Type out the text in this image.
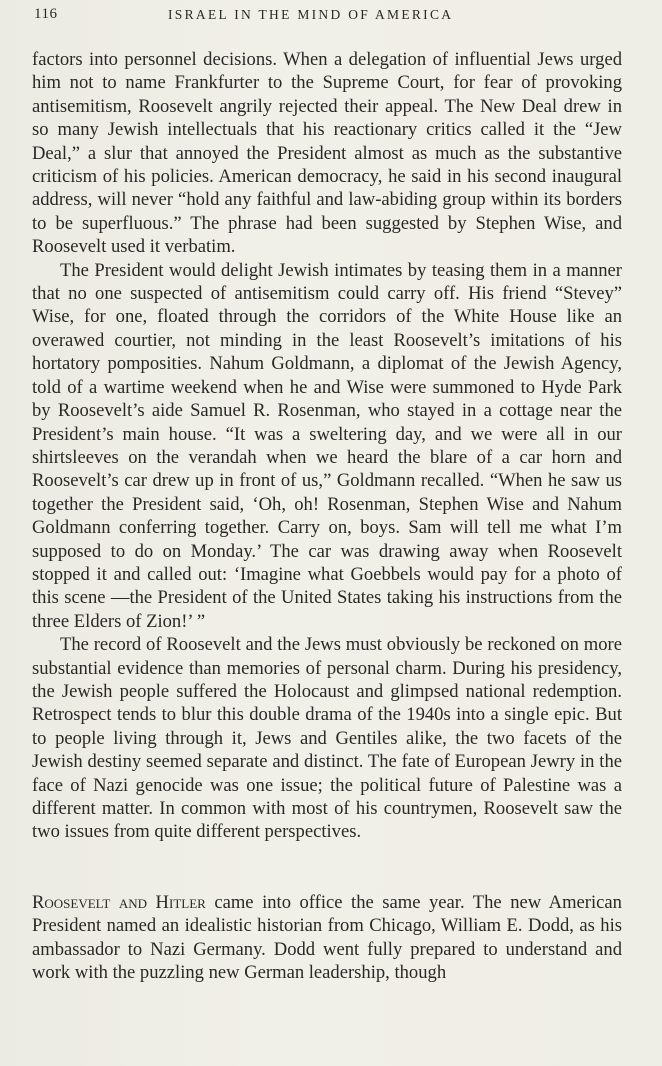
116	ISRAEL IN THE MIND OF AMERICA

factors into personnel decisions. When a delegation of influential Jews urged him not to name Frankfurter to the Supreme Court, for fear of provoking antisemitism, Roosevelt angrily rejected their appeal. The New Deal drew in so many Jewish intellectuals that his reactionary critics called it the “Jew Deal,” a slur that annoyed the President almost as much as the substantive criticism of his policies. American democracy, he said in his second inaugural address, will never “hold any faithful and law-abiding group within its borders to be superfluous.” The phrase had been suggested by Stephen Wise, and Roosevelt used it verbatim.

The President would delight Jewish intimates by teasing them in a manner that no one suspected of antisemitism could carry off. His friend “Stevey” Wise, for one, floated through the corridors of the White House like an overawed courtier, not minding in the least Roosevelt’s imitations of his hortatory pomposities. Nahum Goldmann, a diplomat of the Jewish Agency, told of a wartime weekend when he and Wise were summoned to Hyde Park by Roosevelt’s aide Samuel R. Rosenman, who stayed in a cottage near the President’s main house. “It was a sweltering day, and we were all in our shirtsleeves on the verandah when we heard the blare of a car horn and Roosevelt’s car drew up in front of us,” Goldmann recalled. “When he saw us together the President said, ‘Oh, oh! Rosenman, Stephen Wise and Nahum Goldmann conferring together. Carry on, boys. Sam will tell me what I’m supposed to do on Monday.’ The car was drawing away when Roosevelt stopped it and called out: ‘Imagine what Goebbels would pay for a photo of this scene —the President of the United States taking his instructions from the three Elders of Zion!’ ”

The record of Roosevelt and the Jews must obviously be reckoned on more substantial evidence than memories of personal charm. During his presidency, the Jewish people suffered the Holocaust and glimpsed national redemption. Retrospect tends to blur this double drama of the 1940s into a single epic. But to people living through it, Jews and Gentiles alike, the two facets of the Jewish destiny seemed separate and distinct. The fate of European Jewry in the face of Nazi genocide was one issue; the political future of Palestine was a different matter. In common with most of his countrymen, Roosevelt saw the two issues from quite different perspectives.

Roosevelt and Hitler came into office the same year. The new American President named an idealistic historian from Chicago, William E. Dodd, as his ambassador to Nazi Germany. Dodd went fully prepared to understand and work with the puzzling new German leadership, though
